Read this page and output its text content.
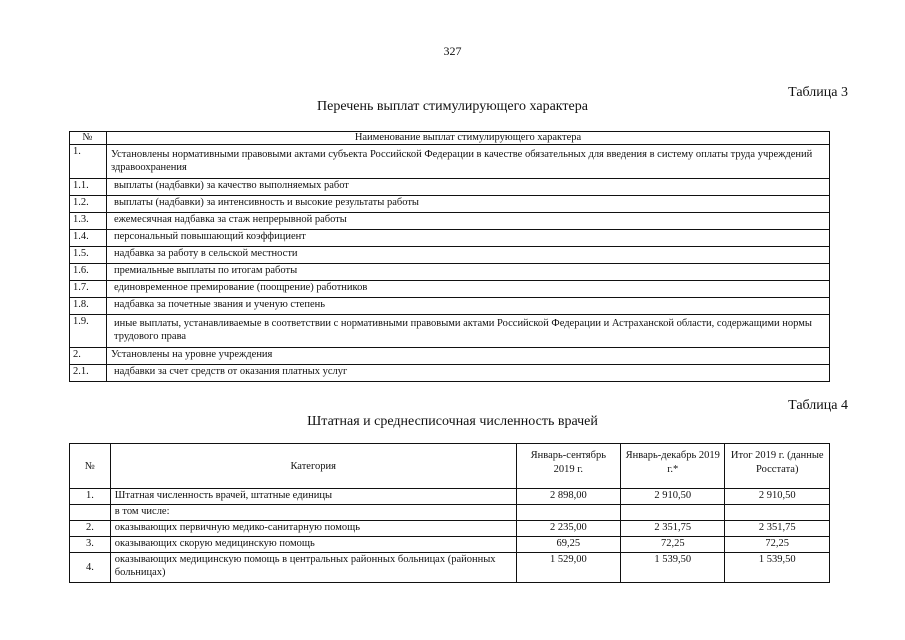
327
Таблица 3
Перечень выплат стимулирующего характера
№	Наименование выплат стимулирующего характера
1.	Установлены нормативными правовыми актами субъекта Российской Федерации в качестве обязательных для введения в систему оплаты труда учреждений здравоохранения
1.1.	выплаты (надбавки) за качество выполняемых работ
1.2.	выплаты (надбавки) за интенсивность и высокие результаты работы
1.3.	ежемесячная надбавка за стаж непрерывной работы
1.4.	персональный повышающий коэффициент
1.5.	надбавка за работу в сельской местности
1.6.	премиальные выплаты по итогам работы
1.7.	единовременное премирование (поощрение) работников
1.8.	надбавка за почетные звания и ученую степень
1.9.	иные выплаты, устанавливаемые в соответствии с нормативными правовыми актами Российской Федерации и Астраханской области, содержащими нормы трудового права
2.	Установлены на уровне учреждения
2.1.	надбавки за счет средств от оказания платных услуг
Таблица 4
Штатная и среднесписочная численность врачей
№	Категория	Январь-сентябрь 2019 г.	Январь-декабрь 2019 г.*	Итог 2019 г. (данные Росстата)
1.	Штатная численность врачей, штатные единицы	2 898,00	2 910,50	2 910,50
	в том числе:			
2.	оказывающих первичную медико-санитарную помощь	2 235,00	2 351,75	2 351,75
3.	оказывающих скорую медицинскую помощь	69,25	72,25	72,25
4.	оказывающих медицинскую помощь в центральных районных больницах (районных больницах)	1 529,00	1 539,50	1 539,50
